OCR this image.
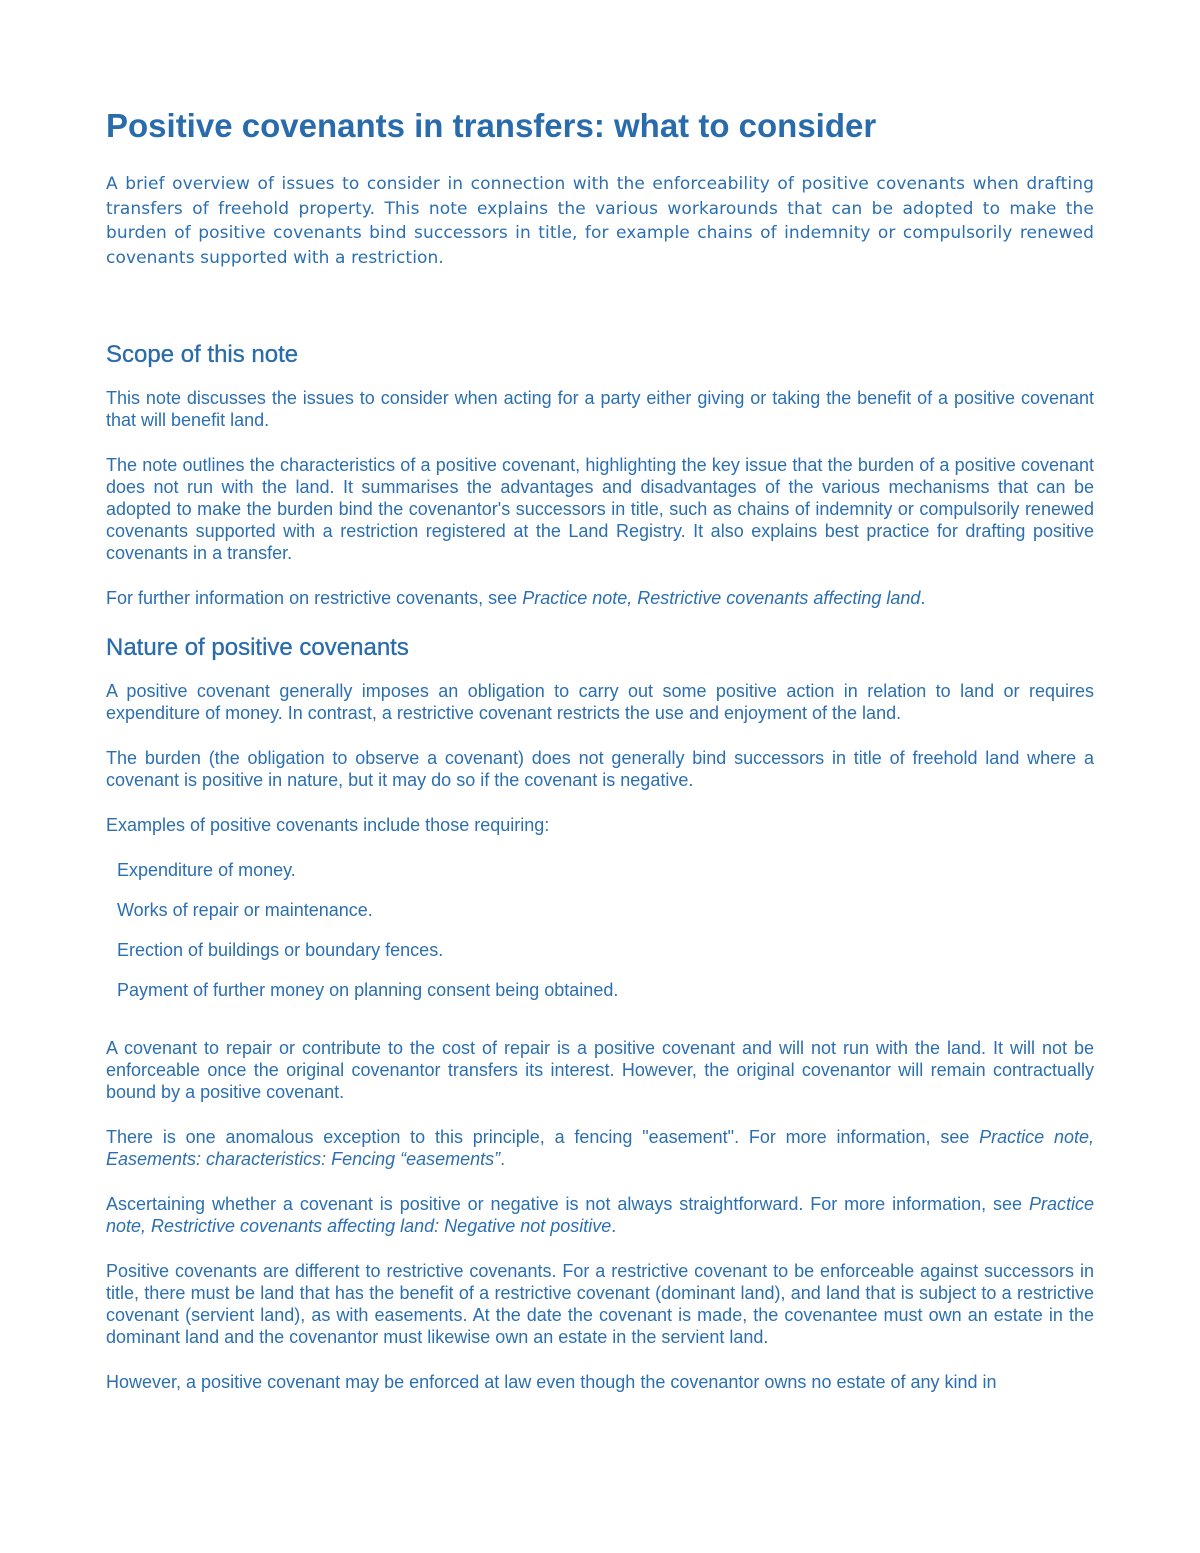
Positive covenants in transfers: what to consider

A brief overview of issues to consider in connection with the enforceability of positive covenants when drafting transfers of freehold property. This note explains the various workarounds that can be adopted to make the burden of positive covenants bind successors in title, for example chains of indemnity or compulsorily renewed covenants supported with a restriction.

Scope of this note

This note discusses the issues to consider when acting for a party either giving or taking the benefit of a positive covenant that will benefit land.

The note outlines the characteristics of a positive covenant, highlighting the key issue that the burden of a positive covenant does not run with the land. It summarises the advantages and disadvantages of the various mechanisms that can be adopted to make the burden bind the covenantor's successors in title, such as chains of indemnity or compulsorily renewed covenants supported with a restriction registered at the Land Registry. It also explains best practice for drafting positive covenants in a transfer.

For further information on restrictive covenants, see Practice note, Restrictive covenants affecting land.

Nature of positive covenants

A positive covenant generally imposes an obligation to carry out some positive action in relation to land or requires expenditure of money. In contrast, a restrictive covenant restricts the use and enjoyment of the land.

The burden (the obligation to observe a covenant) does not generally bind successors in title of freehold land where a covenant is positive in nature, but it may do so if the covenant is negative.

Examples of positive covenants include those requiring:

Expenditure of money.
Works of repair or maintenance.
Erection of buildings or boundary fences.
Payment of further money on planning consent being obtained.

A covenant to repair or contribute to the cost of repair is a positive covenant and will not run with the land. It will not be enforceable once the original covenantor transfers its interest. However, the original covenantor will remain contractually bound by a positive covenant.

There is one anomalous exception to this principle, a fencing "easement". For more information, see Practice note, Easements: characteristics: Fencing “easements”.

Ascertaining whether a covenant is positive or negative is not always straightforward. For more information, see Practice note, Restrictive covenants affecting land: Negative not positive.

Positive covenants are different to restrictive covenants. For a restrictive covenant to be enforceable against successors in title, there must be land that has the benefit of a restrictive covenant (dominant land), and land that is subject to a restrictive covenant (servient land), as with easements. At the date the covenant is made, the covenantee must own an estate in the dominant land and the covenantor must likewise own an estate in the servient land.

However, a positive covenant may be enforced at law even though the covenantor owns no estate of any kind in
